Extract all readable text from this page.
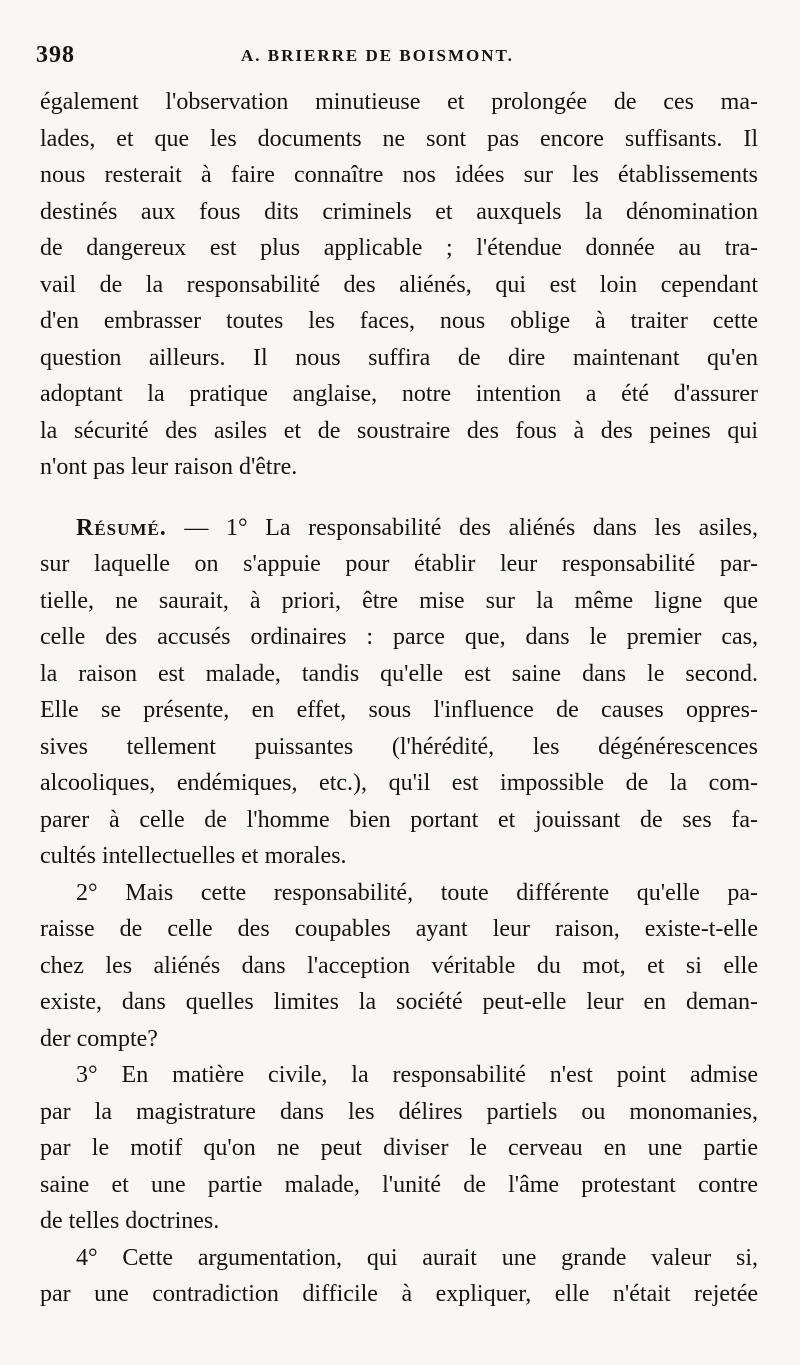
398	A. BRIERRE DE BOISMONT.
également l'observation minutieuse et prolongée de ces ma-
lades, et que les documents ne sont pas encore suffisants. Il
nous resterait à faire connaître nos idées sur les établissements
destinés aux fous dits criminels et auxquels la dénomination
de dangereux est plus applicable ; l'étendue donnée au tra-
vail de la responsabilité des aliénés, qui est loin cependant
d'en embrasser toutes les faces, nous oblige à traiter cette
question ailleurs. Il nous suffira de dire maintenant qu'en
adoptant la pratique anglaise, notre intention a été d'assurer
la sécurité des asiles et de soustraire des fous à des peines qui
n'ont pas leur raison d'être.
Résumé. — 1° La responsabilité des aliénés dans les asiles,
sur laquelle on s'appuie pour établir leur responsabilité par-
tielle, ne saurait, à priori, être mise sur la même ligne que
celle des accusés ordinaires : parce que, dans le premier cas,
la raison est malade, tandis qu'elle est saine dans le second.
Elle se présente, en effet, sous l'influence de causes oppres-
sives tellement puissantes (l'hérédité, les dégénérescences
alcooliques, endémiques, etc.), qu'il est impossible de la com-
parer à celle de l'homme bien portant et jouissant de ses fa-
cultés intellectuelles et morales.
2° Mais cette responsabilité, toute différente qu'elle pa-
raisse de celle des coupables ayant leur raison, existe-t-elle
chez les aliénés dans l'acception véritable du mot, et si elle
existe, dans quelles limites la société peut-elle leur en deman-
der compte?
3° En matière civile, la responsabilité n'est point admise
par la magistrature dans les délires partiels ou monomanies,
par le motif qu'on ne peut diviser le cerveau en une partie
saine et une partie malade, l'unité de l'âme protestant contre
de telles doctrines.
4° Cette argumentation, qui aurait une grande valeur si,
par une contradiction difficile à expliquer, elle n'était rejetée
